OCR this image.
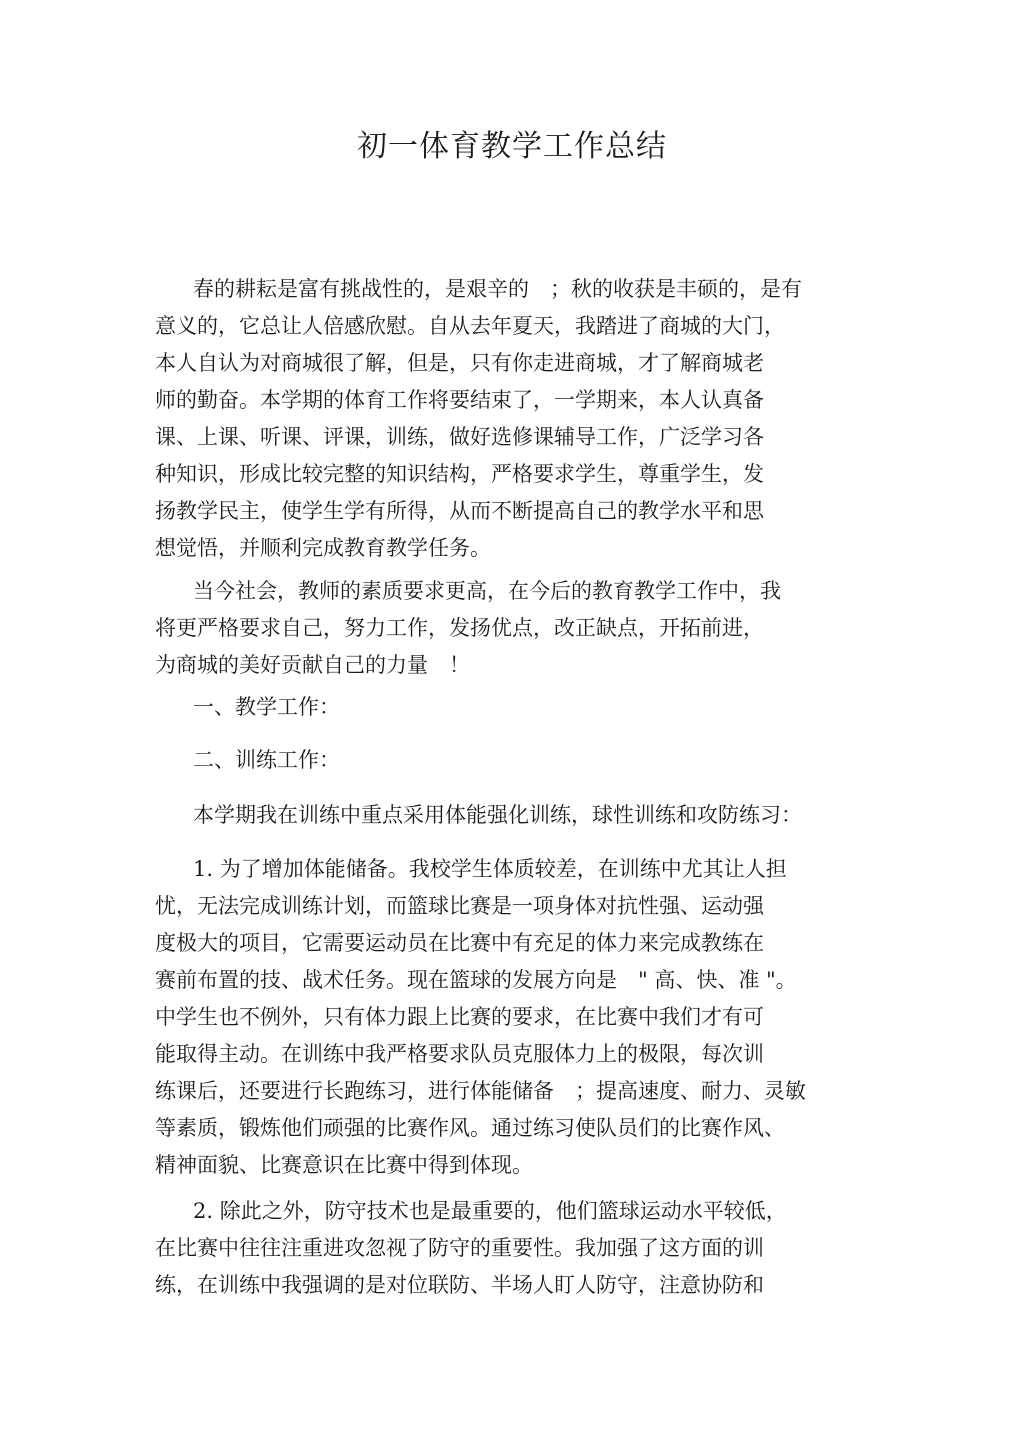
初一体育教学工作总结
春的耕耘是富有挑战性的，是艰辛的　；秋的收获是丰硕的，是有
意义的，它总让人倍感欣慰。自从去年夏天，我踏进了商城的大门，
本人自认为对商城很了解，但是，只有你走进商城，才了解商城老
师的勤奋。本学期的体育工作将要结束了，一学期来，本人认真备
课、上课、听课、评课，训练，做好选修课辅导工作，广泛学习各
种知识，形成比较完整的知识结构，严格要求学生，尊重学生，发
扬教学民主，使学生学有所得，从而不断提高自己的教学水平和思
想觉悟，并顺利完成教育教学任务。
当今社会，教师的素质要求更高，在今后的教育教学工作中，我
将更严格要求自己，努力工作，发扬优点，改正缺点，开拓前进，
为商城的美好贡献自己的力量　！
一、教学工作：
二、训练工作：
本学期我在训练中重点采用体能强化训练，球性训练和攻防练习：
1. 为了增加体能储备。我校学生体质较差，在训练中尤其让人担
忧，无法完成训练计划，而篮球比赛是一项身体对抗性强、运动强
度极大的项目，它需要运动员在比赛中有充足的体力来完成教练在
赛前布置的技、战术任务。现在篮球的发展方向是　" 高、快、准 "。
中学生也不例外，只有体力跟上比赛的要求，在比赛中我们才有可
能取得主动。在训练中我严格要求队员克服体力上的极限，每次训
练课后，还要进行长跑练习，进行体能储备　；提高速度、耐力、灵敏
等素质，锻炼他们顽强的比赛作风。通过练习使队员们的比赛作风、
精神面貌、比赛意识在比赛中得到体现。
2. 除此之外，防守技术也是最重要的，他们篮球运动水平较低，
在比赛中往往注重进攻忽视了防守的重要性。我加强了这方面的训
练，在训练中我强调的是对位联防、半场人盯人防守，注意协防和
